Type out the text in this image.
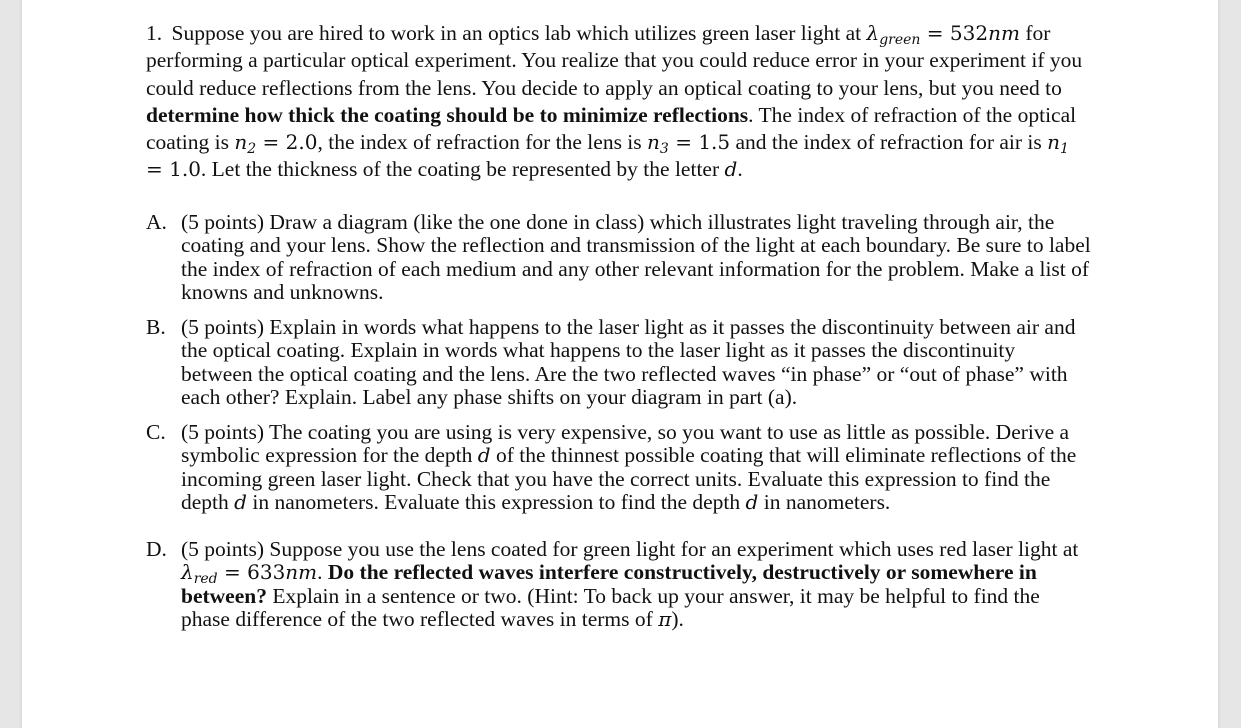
1. Suppose you are hired to work in an optics lab which utilizes green laser light at $\lambda_{green} = 532nm$ for performing a particular optical experiment. You realize that you could reduce error in your experiment if you could reduce reflections from the lens. You decide to apply an optical coating to your lens, but you need to determine how thick the coating should be to minimize reflections. The index of refraction of the optical coating is $n_2 = 2.0$, the index of refraction for the lens is $n_3 = 1.5$ and the index of refraction for air is $n_1 = 1.0$. Let the thickness of the coating be represented by the letter d.

A. (5 points) Draw a diagram (like the one done in class) which illustrates light traveling through air, the coating and your lens. Show the reflection and transmission of the light at each boundary. Be sure to label the index of refraction of each medium and any other relevant information for the problem. Make a list of knowns and unknowns.
B. (5 points) Explain in words what happens to the laser light as it passes the discontinuity between air and the optical coating. Explain in words what happens to the laser light as it passes the discontinuity between the optical coating and the lens. Are the two reflected waves “in phase” or “out of phase” with each other? Explain. Label any phase shifts on your diagram in part (a).
C. (5 points) The coating you are using is very expensive, so you want to use as little as possible. Derive a symbolic expression for the depth d of the thinnest possible coating that will eliminate reflections of the incoming green laser light. Check that you have the correct units. Evaluate this expression to find the depth d in nanometers. Evaluate this expression to find the depth d in nanometers.
D. (5 points) Suppose you use the lens coated for green light for an experiment which uses red laser light at $\lambda_{red} = 633nm$. Do the reflected waves interfere constructively, destructively or somewhere in between? Explain in a sentence or two. (Hint: To back up your answer, it may be helpful to find the phase difference of the two reflected waves in terms of π).
